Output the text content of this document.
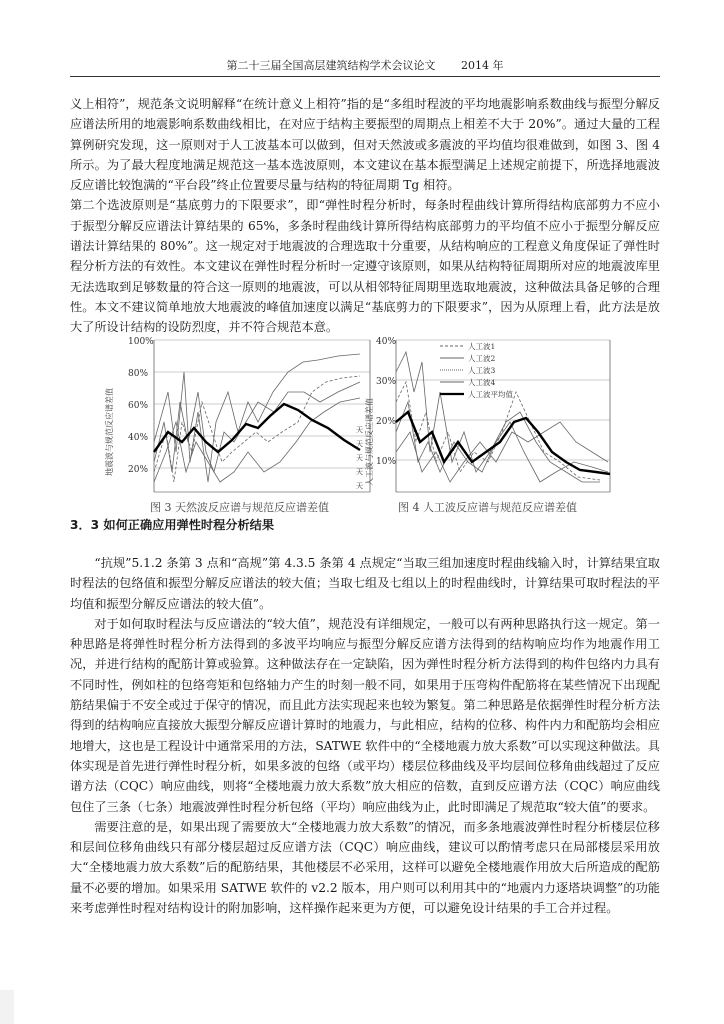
第二十三届全国高层建筑结构学术会议论文 2014 年

义上相符”，规范条文说明解释“在统计意义上相符”指的是“多组时程波的平均地震影响系数曲线与振型分解反应谱法所用的地震影响系数曲线相比，在对应于结构主要振型的周期点上相差不大于 20%”。通过大量的工程算例研究发现，这一原则对于人工波基本可以做到，但对天然波或多震波的平均值均很难做到，如图 3、图 4 所示。为了最大程度地满足规范这一基本选波原则，本文建议在基本振型满足上述规定前提下，所选择地震波反应谱比较饱满的“平台段”终止位置要尽量与结构的特征周期 Tg 相符。

第二个选波原则是“基底剪力的下限要求”，即“弹性时程分析时，每条时程曲线计算所得结构底部剪力不应小于振型分解反应谱法计算结果的 65%，多条时程曲线计算所得结构底部剪力的平均值不应小于振型分解反应谱法计算结果的 80%”。这一规定对于地震波的合理选取十分重要，从结构响应的工程意义角度保证了弹性时程分析方法的有效性。本文建议在弹性时程分析时一定遵守该原则，如果从结构特征周期所对应的地震波库里无法选取到足够数量的符合这一原则的地震波，可以从相邻特征周期里选取地震波，这种做法具备足够的合理性。本文不建议简单地放大地震波的峰值加速度以满足“基底剪力的下限要求”，因为从原理上看，此方法是放大了所设计结构的设防烈度，并不符合规范本意。

地震波与规范反应谱差值
100%
80%
60%
40%
20%
天
天
天
天
天 人工波与规范反应谱差值
40%
30%
20%
10%
人工波1
人工波2
人工波3
人工波4
人工波平均值
图 3 天然波反应谱与规范反应谱差值	图 4 人工波反应谱与规范反应谱差值
3．3 如何正确应用弹性时程分析结果

“抗规”5.1.2 条第 3 点和“高规”第 4.3.5 条第 4 点规定“当取三组加速度时程曲线输入时，计算结果宜取时程法的包络值和振型分解反应谱法的较大值；当取七组及七组以上的时程曲线时，计算结果可取时程法的平均值和振型分解反应谱法的较大值”。

对于如何取时程法与反应谱法的“较大值”，规范没有详细规定，一般可以有两种思路执行这一规定。第一种思路是将弹性时程分析方法得到的多波平均响应与振型分解反应谱方法得到的结构响应均作为地震作用工况，并进行结构的配筋计算或验算。这种做法存在一定缺陷，因为弹性时程分析方法得到的构件包络内力具有不同时性，例如柱的包络弯矩和包络轴力产生的时刻一般不同，如果用于压弯构件配筋将在某些情况下出现配筋结果偏于不安全或过于保守的情况，而且此方法实现起来也较为繁复。第二种思路是依据弹性时程分析方法得到的结构响应直接放大振型分解反应谱计算时的地震力，与此相应，结构的位移、构件内力和配筋均会相应地增大，这也是工程设计中通常采用的方法，SATWE 软件中的“全楼地震力放大系数”可以实现这种做法。具体实现是首先进行弹性时程分析，如果多波的包络（或平均）楼层位移曲线及平均层间位移角曲线超过了反应谱方法（CQC）响应曲线，则将“全楼地震力放大系数”放大相应的倍数，直到反应谱方法（CQC）响应曲线包住了三条（七条）地震波弹性时程分析包络（平均）响应曲线为止，此时即满足了规范取“较大值”的要求。

需要注意的是，如果出现了需要放大“全楼地震力放大系数”的情况，而多条地震波弹性时程分析楼层位移和层间位移角曲线只有部分楼层超过反应谱方法（CQC）响应曲线，建议可以酌情考虑只在局部楼层采用放大“全楼地震力放大系数”后的配筋结果，其他楼层不必采用，这样可以避免全楼地震作用放大后所造成的配筋量不必要的增加。如果采用 SATWE 软件的 v2.2 版本，用户则可以利用其中的“地震内力逐塔块调整”的功能来考虑弹性时程对结构设计的附加影响，这样操作起来更为方便，可以避免设计结果的手工合并过程。
